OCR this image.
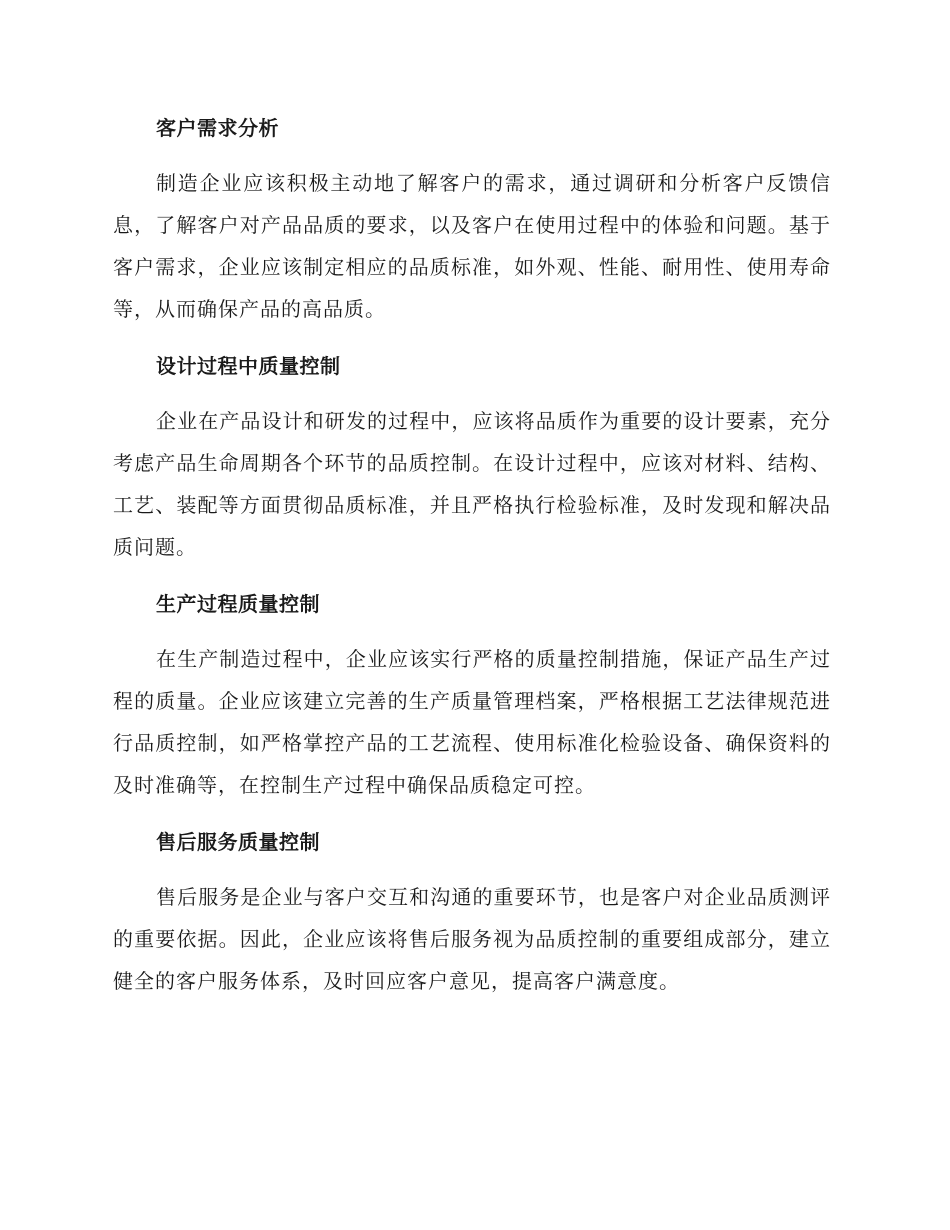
客户需求分析

制造企业应该积极主动地了解客户的需求，通过调研和分析客户反馈信息，了解客户对产品品质的要求，以及客户在使用过程中的体验和问题。基于客户需求，企业应该制定相应的品质标准，如外观、性能、耐用性、使用寿命等，从而确保产品的高品质。

设计过程中质量控制

企业在产品设计和研发的过程中，应该将品质作为重要的设计要素，充分考虑产品生命周期各个环节的品质控制。在设计过程中，应该对材料、结构、工艺、装配等方面贯彻品质标准，并且严格执行检验标准，及时发现和解决品质问题。

生产过程质量控制

在生产制造过程中，企业应该实行严格的质量控制措施，保证产品生产过程的质量。企业应该建立完善的生产质量管理档案，严格根据工艺法律规范进行品质控制，如严格掌控产品的工艺流程、使用标准化检验设备、确保资料的及时准确等，在控制生产过程中确保品质稳定可控。

售后服务质量控制

售后服务是企业与客户交互和沟通的重要环节，也是客户对企业品质测评的重要依据。因此，企业应该将售后服务视为品质控制的重要组成部分，建立健全的客户服务体系，及时回应客户意见，提高客户满意度。
